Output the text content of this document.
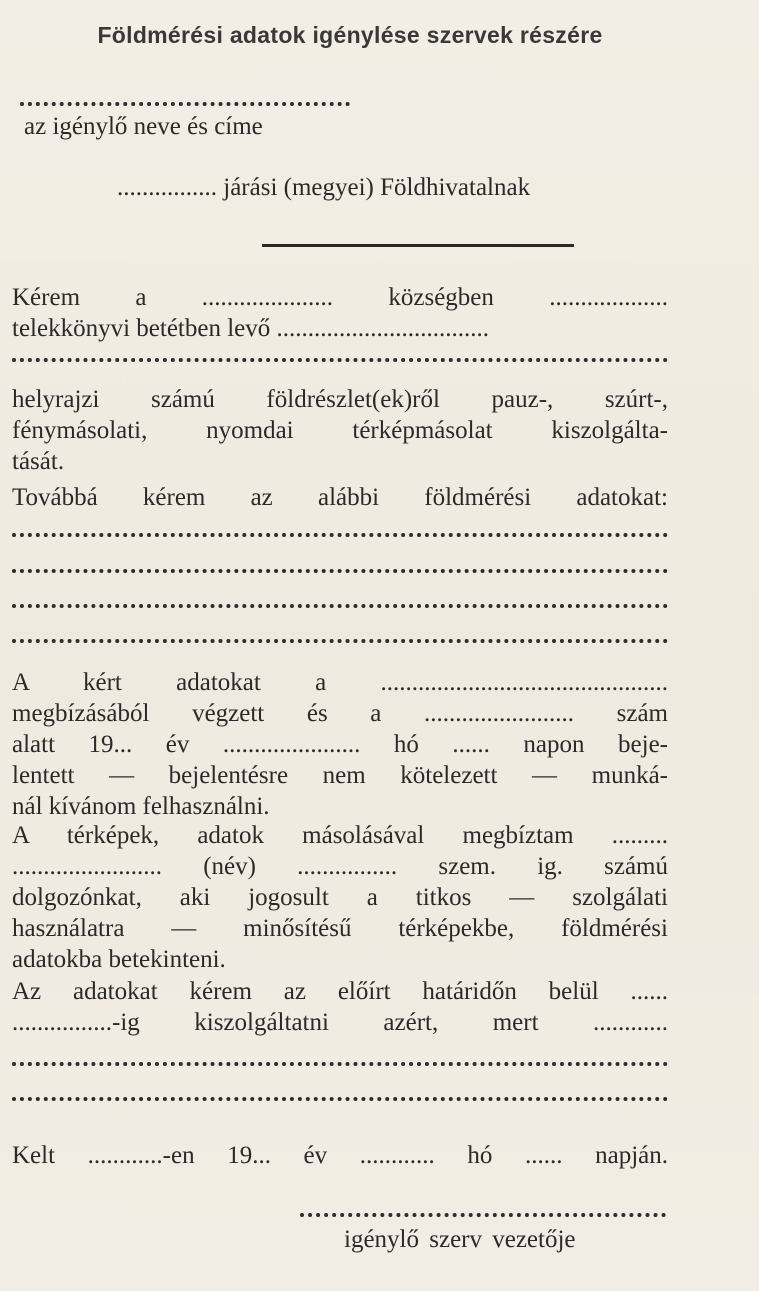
Földmérési adatok igénylése szervek részére
az igénylő neve és címe
................ járási (megyei) Földhivatalnak
Kérem a ..................... községben ...................
telekkönyvi betétben levő ..................................
helyrajzi számú földrészlet(ek)ről pauz-, szúrt-,
fénymásolati, nyomdai térképmásolat kiszolgálta-
tását.
Továbbá kérem az alábbi földmérési adatokat:
A kért adatokat a ..............................................
megbízásából végzett és a ........................ szám
alatt 19... év ...................... hó ...... napon beje-
lentett — bejelentésre nem kötelezett — munká-
nál kívánom felhasználni.
A térképek, adatok másolásával megbíztam .........
........................ (név) ................ szem. ig. számú
dolgozónkat, aki jogosult a titkos — szolgálati
használatra — minősítésű térképekbe, földmérési
adatokba betekinteni.
Az adatokat kérem az előírt határidőn belül ......
................-ig kiszolgáltatni azért, mert ............
Kelt ............-en 19... év ............ hó ...... napján.
igénylő szerv vezetője
